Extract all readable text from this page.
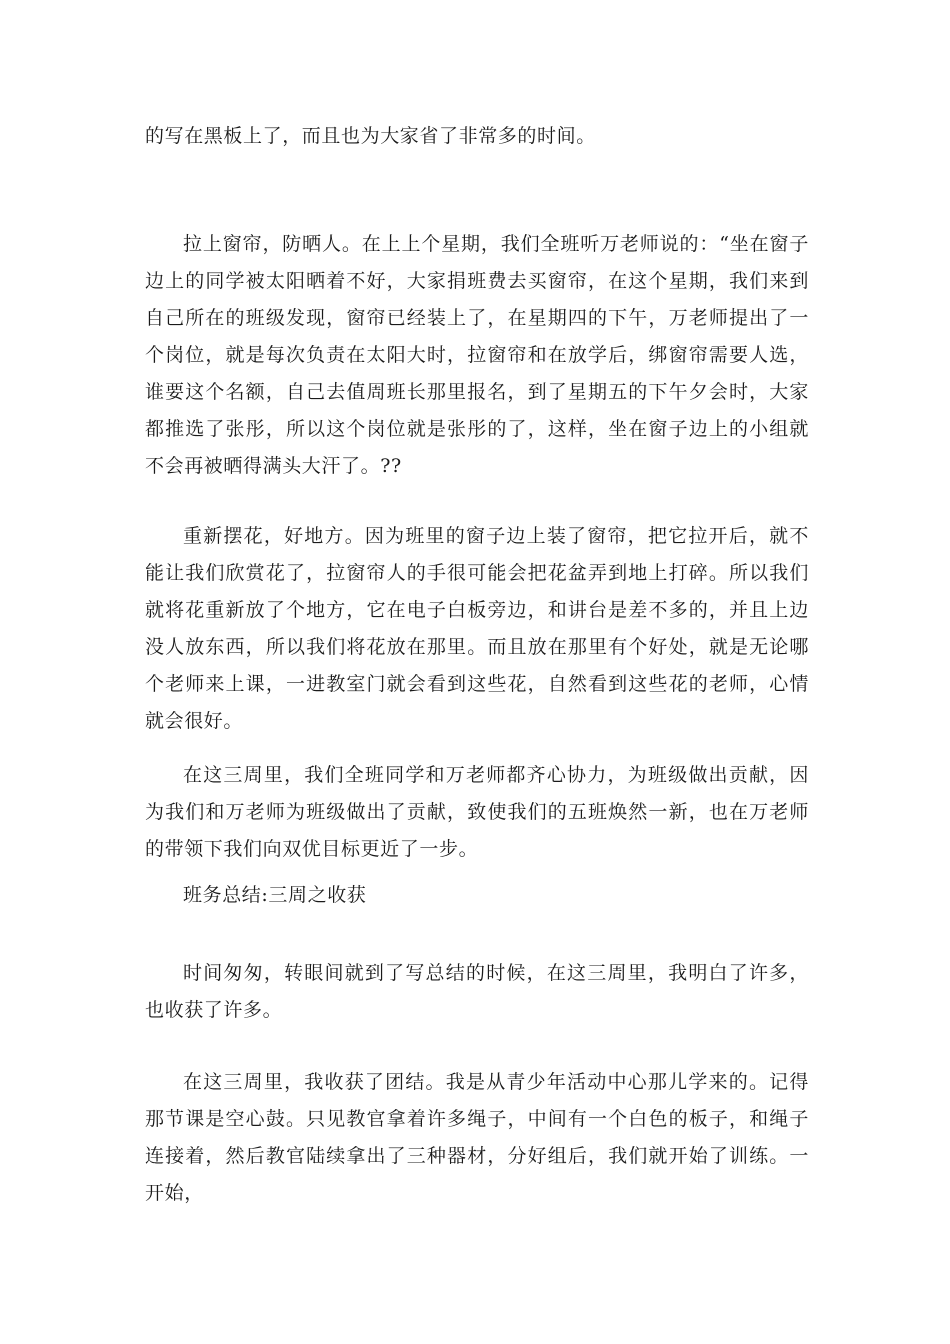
的写在黑板上了，而且也为大家省了非常多的时间。

拉上窗帘，防晒人。在上上个星期，我们全班听万老师说的：“坐在窗子边上的同学被太阳晒着不好，大家捐班费去买窗帘，在这个星期，我们来到自己所在的班级发现，窗帘已经装上了，在星期四的下午，万老师提出了一个岗位，就是每次负责在太阳大时，拉窗帘和在放学后，绑窗帘需要人选，谁要这个名额，自己去值周班长那里报名，到了星期五的下午夕会时，大家都推选了张彤，所以这个岗位就是张彤的了，这样，坐在窗子边上的小组就不会再被晒得满头大汗了。??

重新摆花，好地方。因为班里的窗子边上装了窗帘，把它拉开后，就不能让我们欣赏花了，拉窗帘人的手很可能会把花盆弄到地上打碎。所以我们就将花重新放了个地方，它在电子白板旁边，和讲台是差不多的，并且上边没人放东西，所以我们将花放在那里。而且放在那里有个好处，就是无论哪个老师来上课，一进教室门就会看到这些花，自然看到这些花的老师，心情就会很好。

在这三周里，我们全班同学和万老师都齐心协力，为班级做出贡献，因为我们和万老师为班级做出了贡献，致使我们的五班焕然一新，也在万老师的带领下我们向双优目标更近了一步。

班务总结:三周之收获

时间匆匆，转眼间就到了写总结的时候，在这三周里，我明白了许多，也收获了许多。

在这三周里，我收获了团结。我是从青少年活动中心那儿学来的。记得那节课是空心鼓。只见教官拿着许多绳子，中间有一个白色的板子，和绳子连接着，然后教官陆续拿出了三种器材，分好组后，我们就开始了训练。一开始，
